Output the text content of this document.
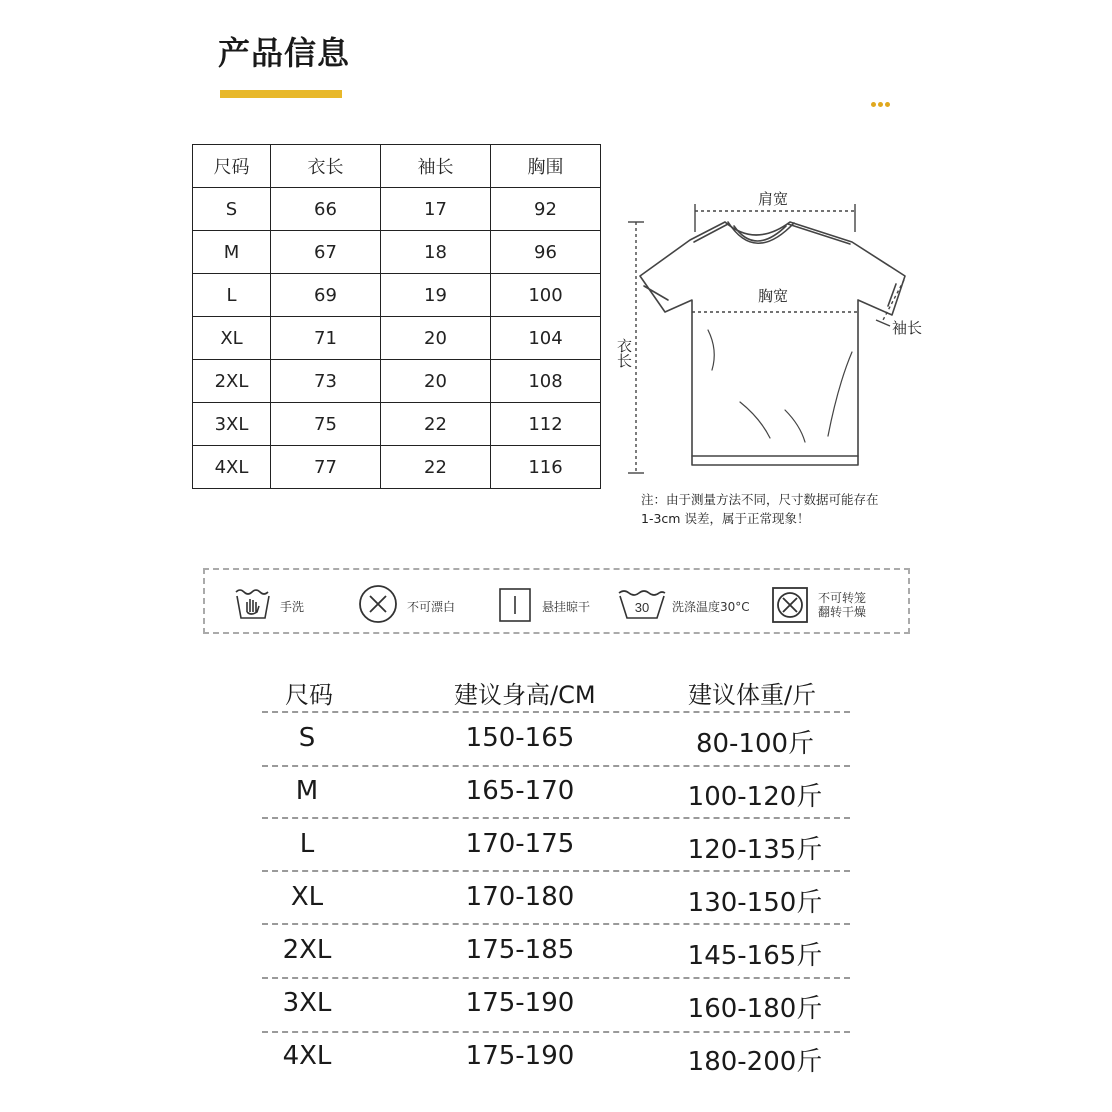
产品信息
尺码	衣长	袖长	胸围
S	66	17	92
M	67	18	96
L	69	19	100
XL	71	20	104
2XL	73	20	108
3XL	75	22	112
4XL	77	22	116
肩宽
胸宽
袖长
衣长
注：由于测量方法不同，尺寸数据可能存在
1-3cm 误差，属于正常现象！
手洗	不可漂白	悬挂晾干	30 洗涤温度30°C
不可转笼
翻转干燥
尺码	建议身高/CM	建议体重/斤
S	150-165	80-100斤
M	165-170	100-120斤
L	170-175	120-135斤
XL	170-180	130-150斤
2XL	175-185	145-165斤
3XL	175-190	160-180斤
4XL	175-190	180-200斤
